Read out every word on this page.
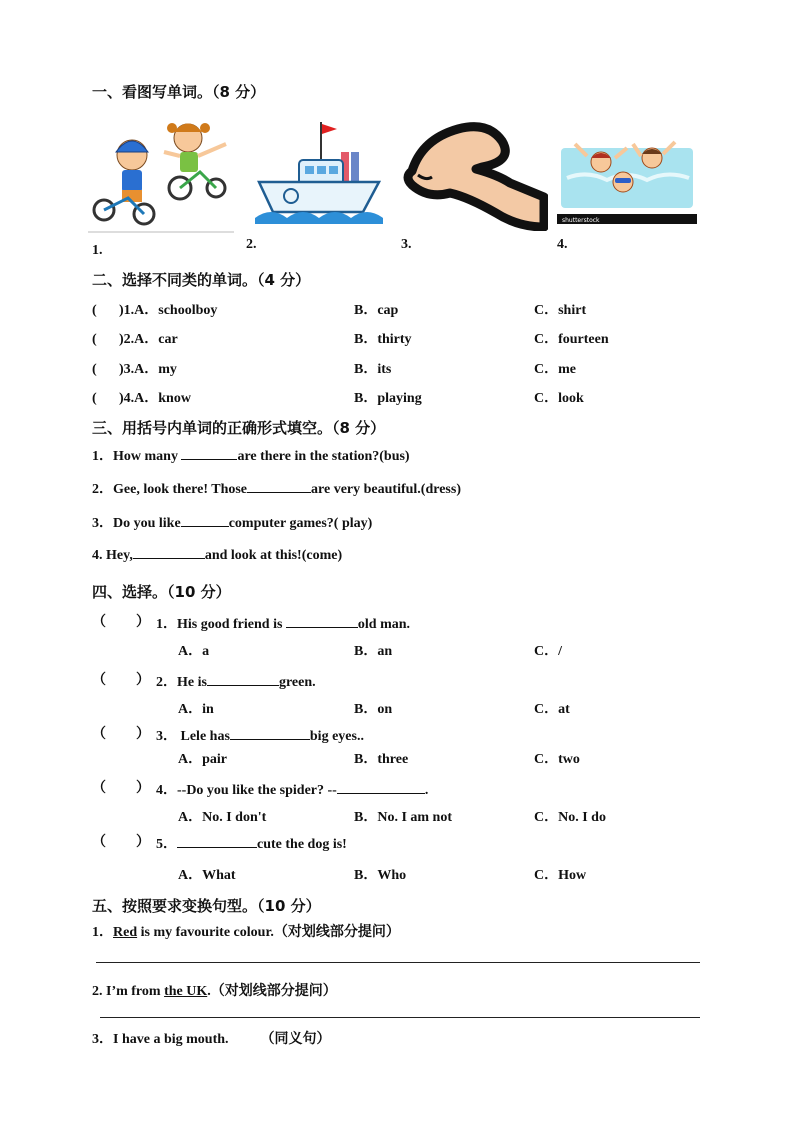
一、看图写单词。（8 分）
shutterstock
1.	2.	3.	4.
二、选择不同类的单词。（4 分）
( )1.A．schoolboy	B．cap	C．shirt
( )2.A．car	B．thirty	C．fourteen
( )3.A．my	B．its	C．me
( )4.A．know	B．playing	C．look
三、用括号内单词的正确形式填空。（8 分）
1．How many	are there in the station?(bus)
2．Gee, look there! Those	are very beautiful.(dress)
3．Do you like	computer games?( play)
4. Hey,	and look at this!(come)
四、选择。（10 分）
（ ） 1．His good friend is	old man.
A．a	B．an	C．/
（ ） 2．He is	green.
A．in	B．on	C．at
（ ） 3． Lele has	big eyes..
A．pair	B．three	C．two
（ ） 4．--Do you like the spider? --	.
A．No. I don't	B．No. I am not	C．No. I do
（ ） 5．	cute the dog is!
A．What	B．Who	C．How
五、按照要求变换句型。（10 分）
1．Red is my favourite colour.（对划线部分提问）
2. I’m from the UK.（对划线部分提问）
3．I have a big mouth. （同义句）
